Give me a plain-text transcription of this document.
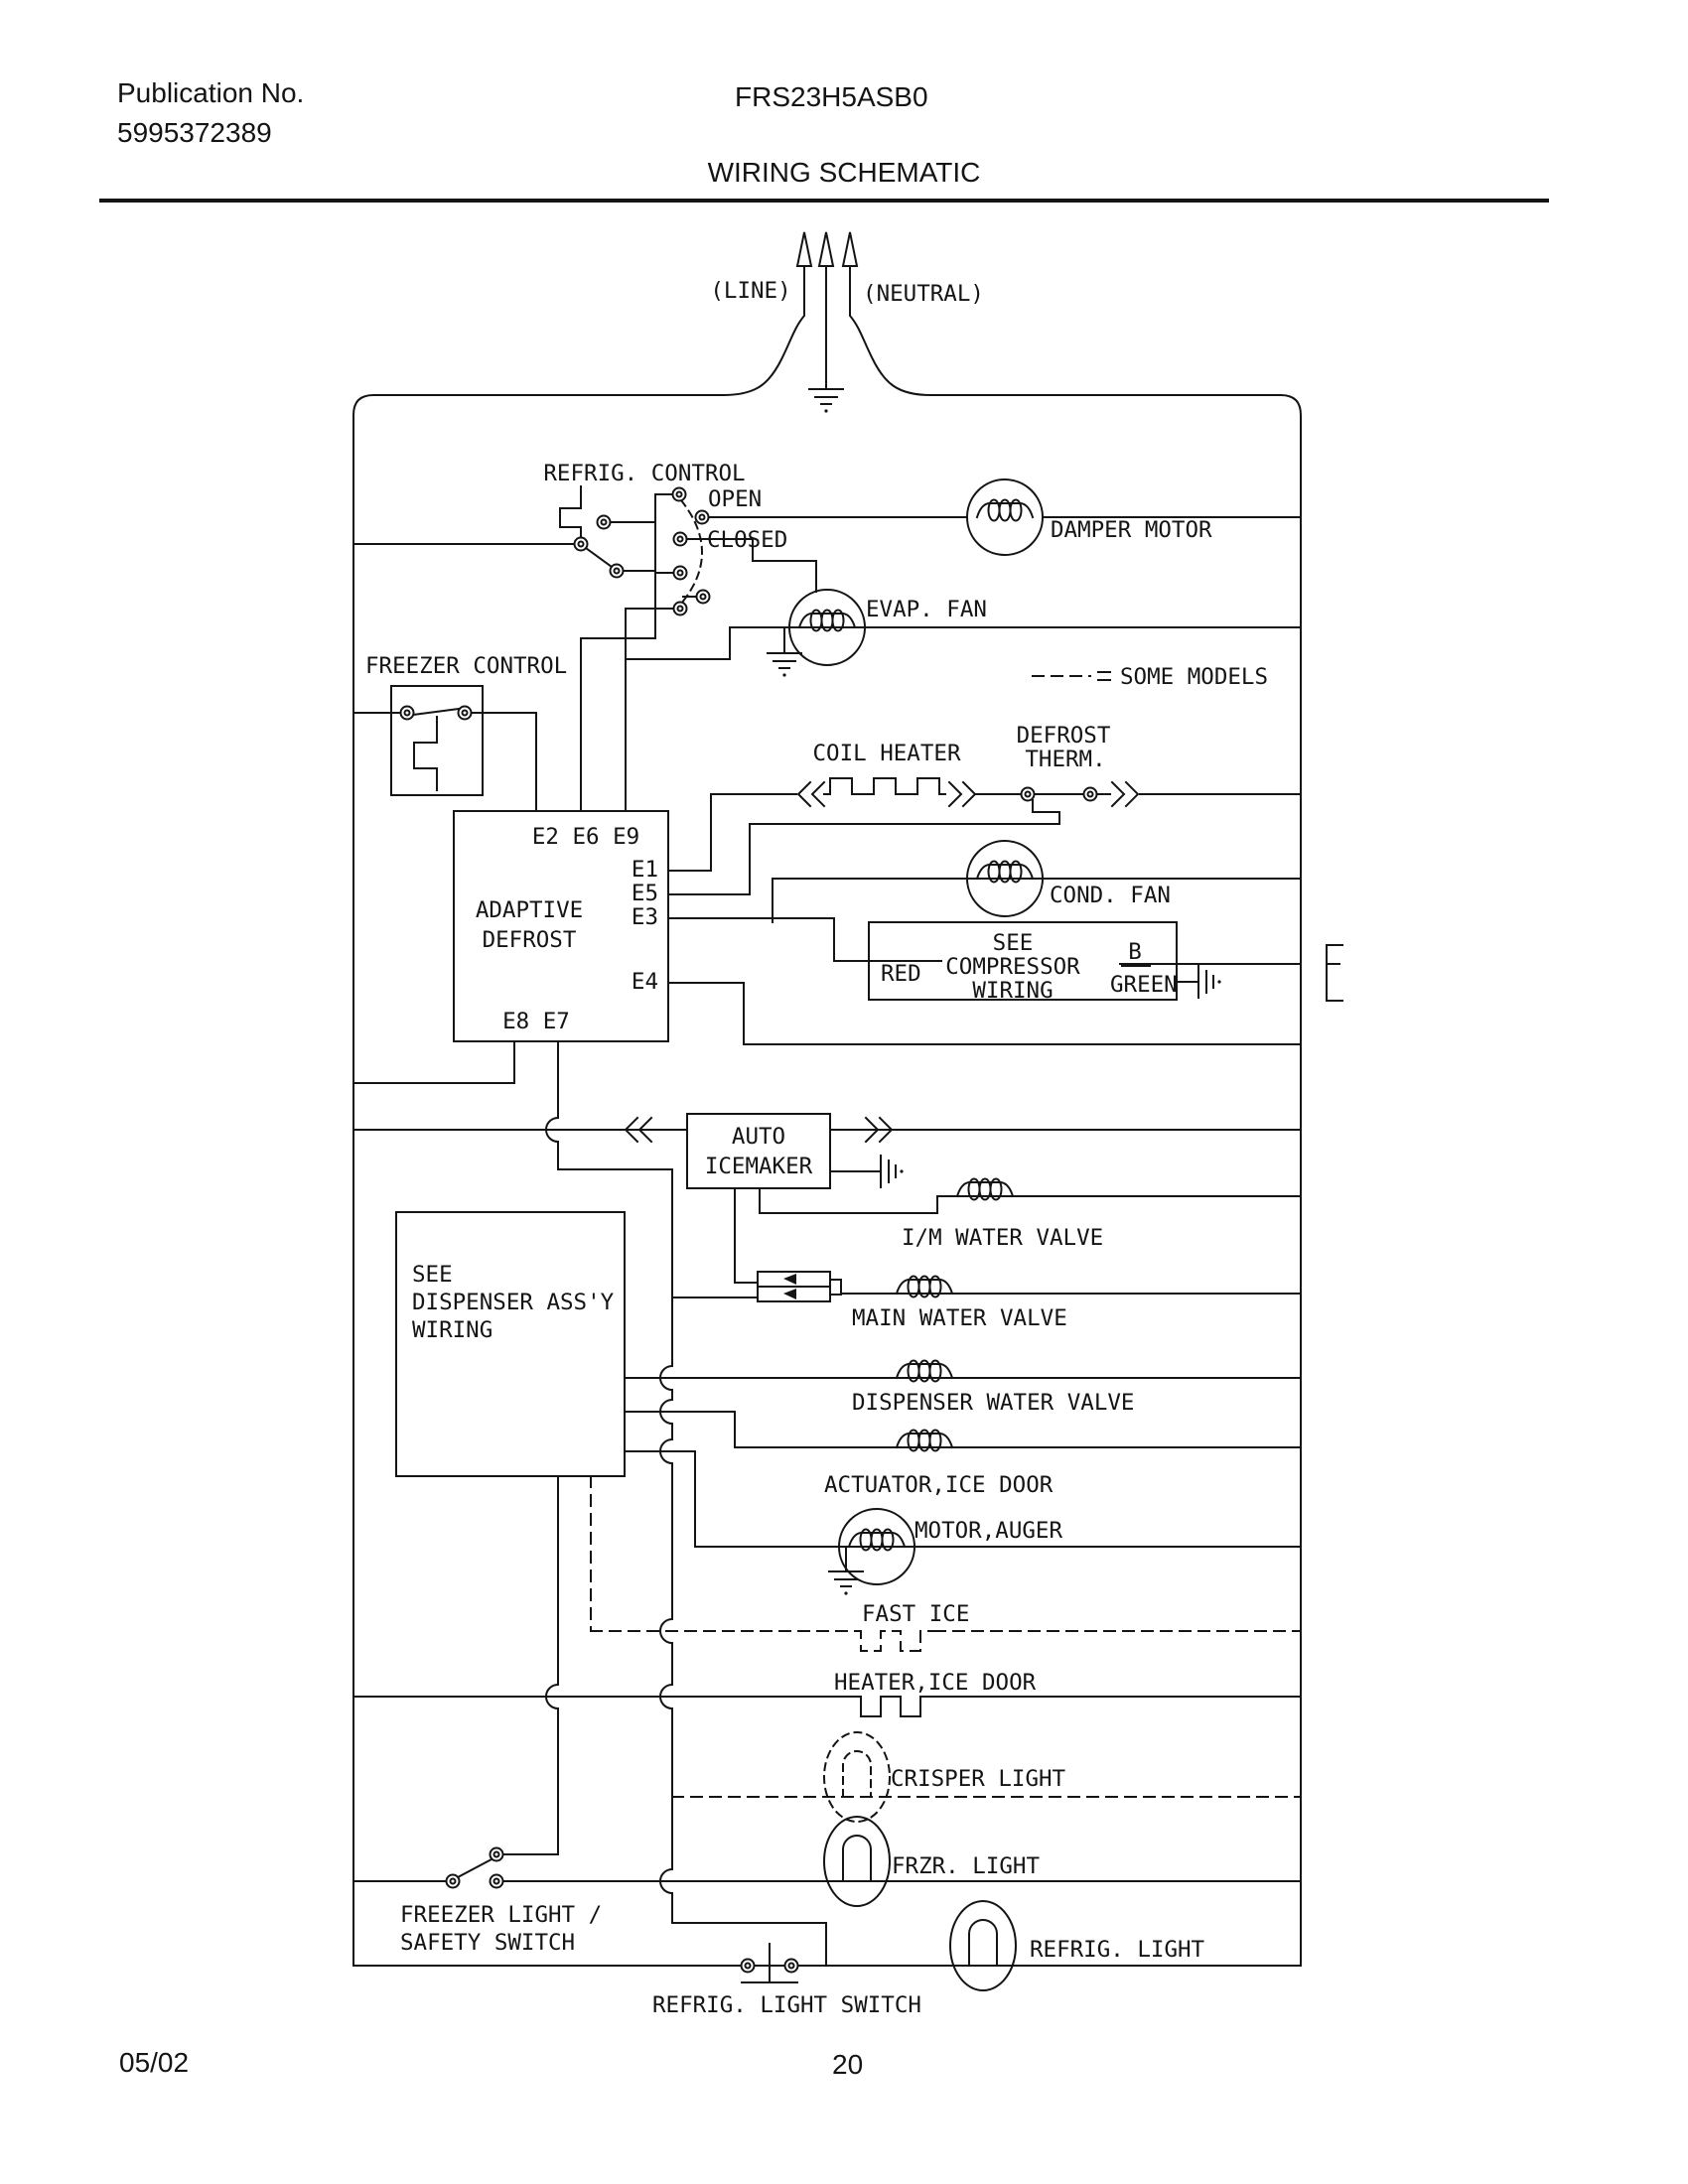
Publication No.
5995372389
FRS23H5ASB0
WIRING SCHEMATIC
(LINE)	(NEUTRAL)
REFRIG. CONTROL
OPEN
CLOSED	DAMPER MOTOR
EVAP. FAN
SOME MODELS
FREEZER CONTROL
COIL HEATER
DEFROST
THERM.
COND. FAN
ADAPTIVE
DEFROST
E2 E6 E9
E1
E5
E3
E4
E8 E7
SEE
COMPRESSOR
WIRING
RED
B
GREEN
AUTO
ICEMAKER
SEE
DISPENSER ASS'Y
WIRING
I/M WATER VALVE
MAIN WATER VALVE
DISPENSER WATER VALVE
ACTUATOR,ICE DOOR
MOTOR,AUGER
FAST ICE
HEATER,ICE DOOR
CRISPER LIGHT
FRZR. LIGHT
REFRIG. LIGHT
FREEZER LIGHT /
SAFETY SWITCH
REFRIG. LIGHT SWITCH
05/02	20
